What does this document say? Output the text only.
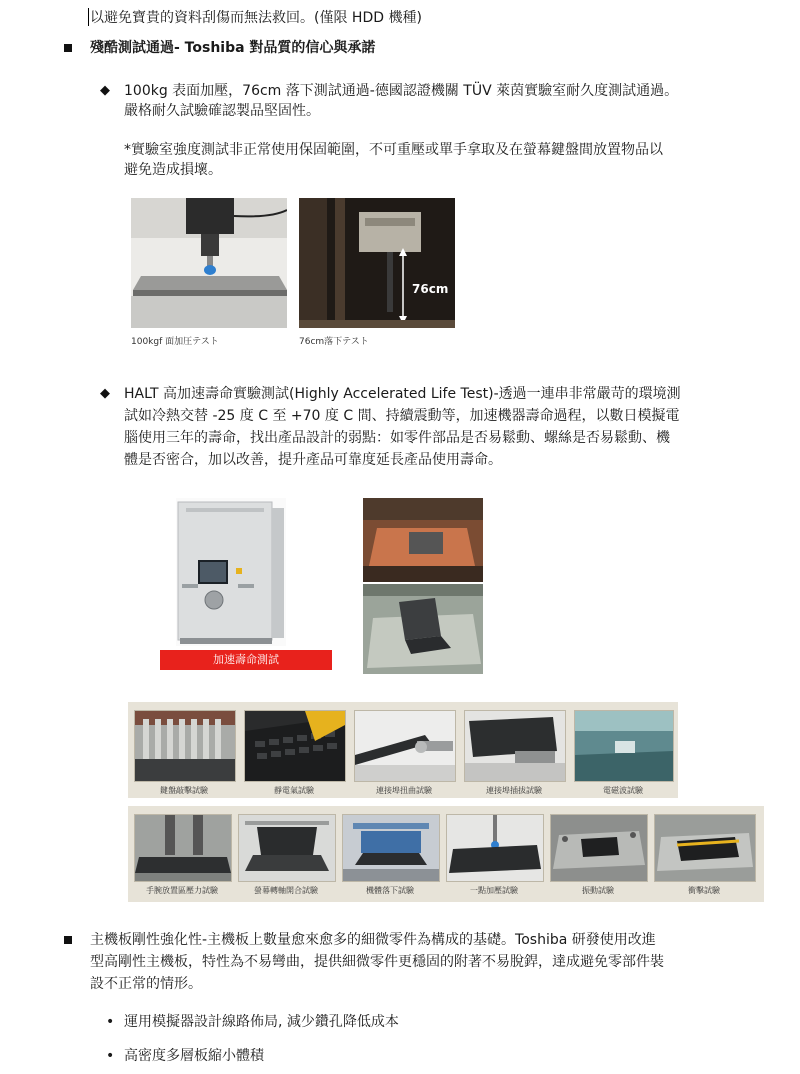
以避免寶貴的資料刮傷而無法救回。(僅限 HDD 機種)
殘酷測試通過- Toshiba 對品質的信心與承諾
◆ 100kg 表面加壓，76cm 落下測試通過-德國認證機關 TÜV 萊茵實驗室耐久度測試通過。
嚴格耐久試驗確認製品堅固性。
*實驗室強度測試非正常使用保固範圍，不可重壓或單手拿取及在螢幕鍵盤間放置物品以
避免造成損壞。
100kgf 面加圧テスト
76cm
76cm落下テスト
◆ HALT 高加速壽命實驗測試(Highly Accelerated Life Test)-透過一連串非常嚴苛的環境測
試如冷熱交替 -25 度 C 至 +70 度 C 間、持續震動等，加速機器壽命過程，以數日模擬電
腦使用三年的壽命，找出產品設計的弱點：如零件部品是否易鬆動、螺絲是否易鬆動、機
體是否密合，加以改善，提升產品可靠度延長產品使用壽命。
加速壽命測試
鍵盤敲擊試驗	靜電氣試驗	連接埠扭曲試驗	連接埠插拔試驗	電磁波試驗
手腕放置區壓力試驗	螢幕轉軸開合試驗	機體落下試驗	一點加壓試驗	振動試驗	衝擊試驗
主機板剛性強化性-主機板上數量愈來愈多的細微零件為構成的基礎。Toshiba 研發使用改進
型高剛性主機板，特性為不易彎曲，提供細微零件更穩固的附著不易脫銲，達成避免零部件裝
設不正常的情形。
• 運用模擬器設計線路佈局, 減少鑽孔降低成本
• 高密度多層板縮小體積
